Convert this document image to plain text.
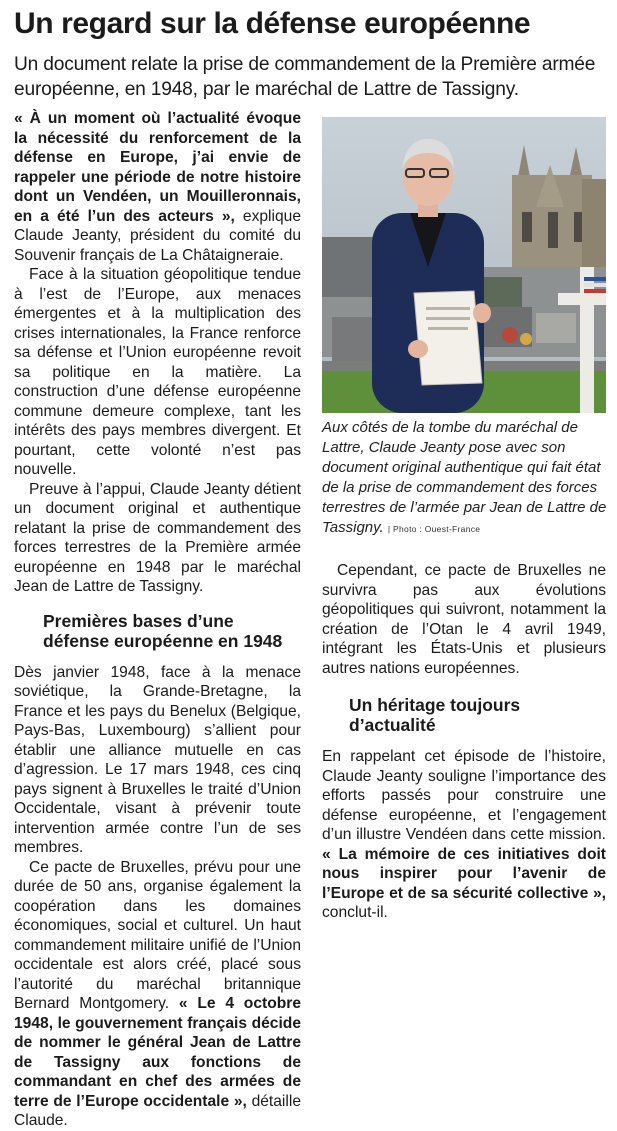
Un regard sur la défense européenne

Un document relate la prise de commandement de la Première armée européenne, en 1948, par le maréchal de Lattre de Tassigny.

« À un moment où l’actualité évoque la nécessité du renforcement de la défense en Europe, j’ai envie de rappeler une période de notre histoire dont un Vendéen, un Mouilleronnais, en a été l’un des acteurs », explique Claude Jeanty, président du comité du Souvenir français de La Châtaigneraie.

Face à la situation géopolitique tendue à l’est de l’Europe, aux menaces émergentes et à la multiplication des crises internationales, la France renforce sa défense et l’Union européenne revoit sa politique en la matière. La construction d’une défense européenne commune demeure complexe, tant les intérêts des pays membres divergent. Et pourtant, cette volonté n’est pas nouvelle.

Preuve à l’appui, Claude Jeanty détient un document original et authentique relatant la prise de commandement des forces terrestres de la Première armée européenne en 1948 par le maréchal Jean de Lattre de Tassigny.

Premières bases d’une défense européenne en 1948

Dès janvier 1948, face à la menace soviétique, la Grande-Bretagne, la France et les pays du Benelux (Belgique, Pays-Bas, Luxembourg) s’allient pour établir une alliance mutuelle en cas d’agression. Le 17 mars 1948, ces cinq pays signent à Bruxelles le traité d’Union Occidentale, visant à prévenir toute intervention armée contre l’un de ses membres.

Ce pacte de Bruxelles, prévu pour une durée de 50 ans, organise également la coopération dans les domaines économiques, social et culturel. Un haut commandement militaire unifié de l’Union occidentale est alors créé, placé sous l’autorité du maréchal britannique Bernard Montgomery. « Le 4 octobre 1948, le gouvernement français décide de nommer le général Jean de Lattre de Tassigny aux fonctions de commandant en chef des armées de terre de l’Europe occidentale », détaille Claude.

Aux côtés de la tombe du maréchal de Lattre, Claude Jeanty pose avec son document original authentique qui fait état de la prise de commandement des forces terrestres de l’armée par Jean de Lattre de Tassigny. | Photo : Ouest-France

Cependant, ce pacte de Bruxelles ne survivra pas aux évolutions géopolitiques qui suivront, notamment la création de l’Otan le 4 avril 1949, intégrant les États-Unis et plusieurs autres nations européennes.

Un héritage toujours d’actualité

En rappelant cet épisode de l’histoire, Claude Jeanty souligne l’importance des efforts passés pour construire une défense européenne, et l’engagement d’un illustre Vendéen dans cette mission. « La mémoire de ces initiatives doit nous inspirer pour l’avenir de l’Europe et de sa sécurité collective », conclut-il.
